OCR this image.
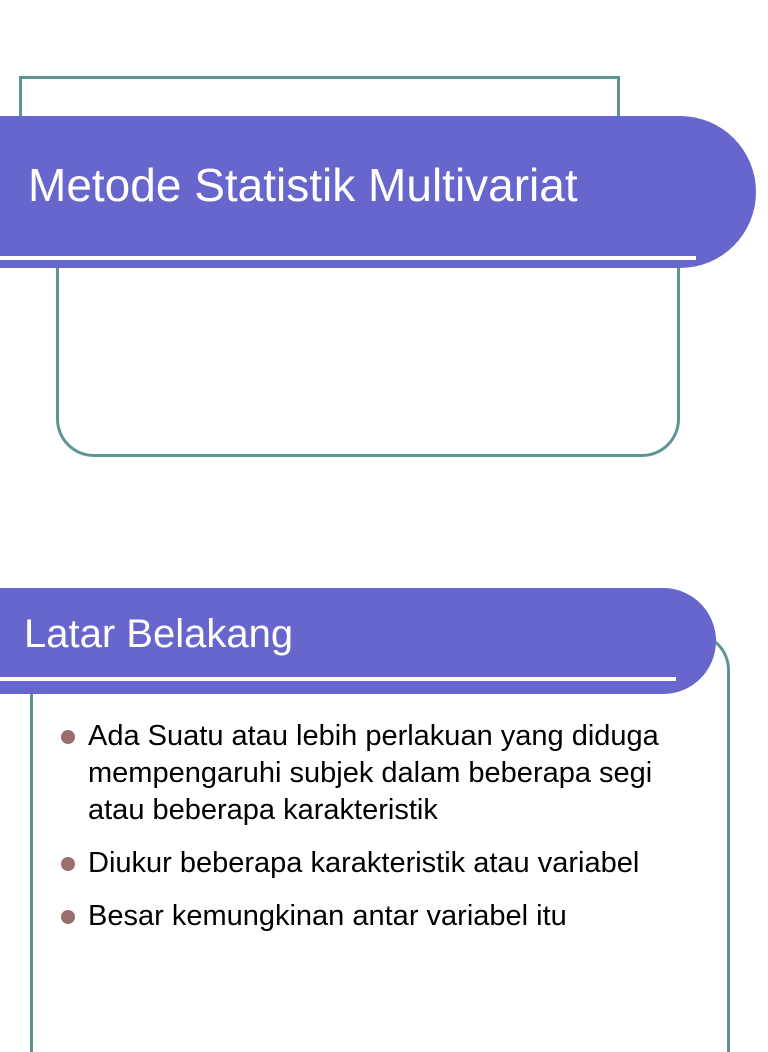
Metode Statistik Multivariat
Latar Belakang
Ada Suatu atau lebih perlakuan yang diduga mempengaruhi subjek dalam beberapa segi atau beberapa karakteristik
Diukur beberapa karakteristik atau variabel
Besar kemungkinan antar variabel itu
